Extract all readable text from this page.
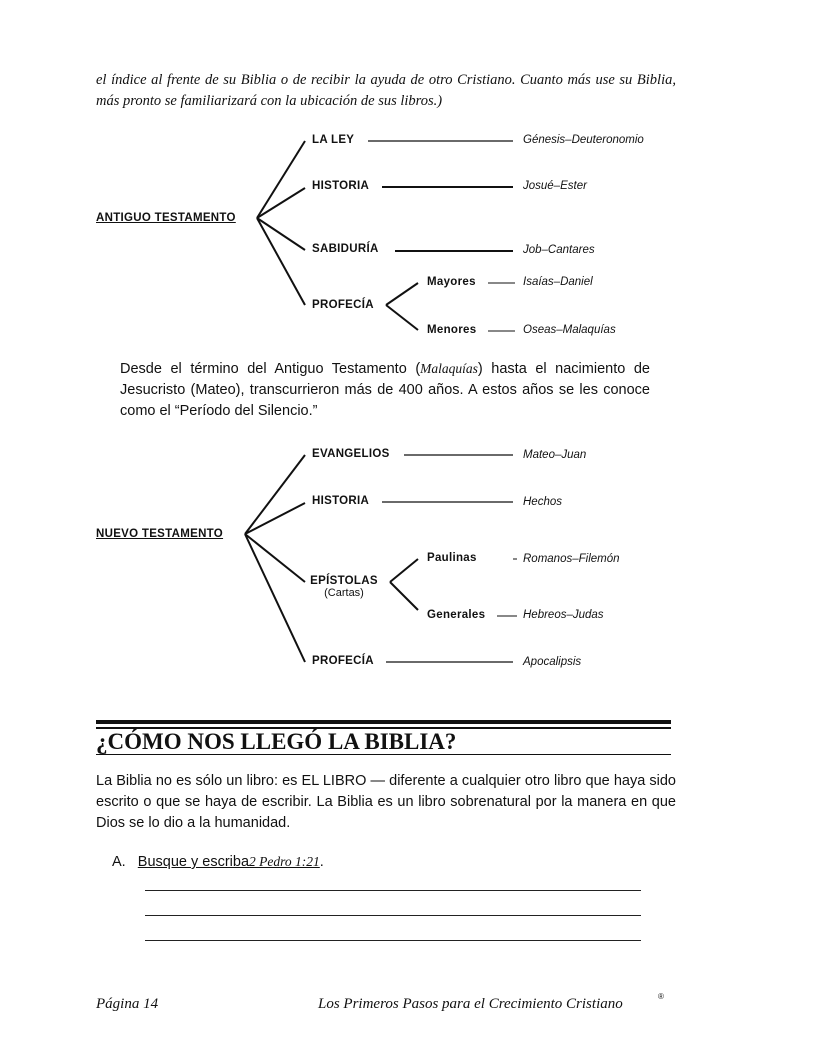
el índice al frente de su Biblia o de recibir la ayuda de otro Cristiano. Cuanto más use su Biblia, más pronto se familiarizará con la ubicación de sus libros.)
ANTIGUO TESTAMENTO
LA LEY	Génesis–Deuteronomio
HISTORIA	Josué–Ester
SABIDURÍA	Job–Cantares
PROFECÍA
Mayores	Isaías–Daniel
Menores	Oseas–Malaquías
Desde el término del Antiguo Testamento (Malaquías) hasta el nacimiento de Jesucristo (Mateo), transcurrieron más de 400 años. A estos años se les conoce como el “Período del Silencio.”
NUEVO TESTAMENTO
EVANGELIOS	Mateo–Juan
HISTORIA	Hechos
EPÍSTOLAS
(Cartas)
Paulinas	Romanos–Filemón
Generales	Hebreos–Judas
PROFECÍA	Apocalipsis
¿CÓMO NOS LLEGÓ LA BIBLIA?
La Biblia no es sólo un libro: es EL LIBRO — diferente a cualquier otro libro que haya sido escrito o que se haya de escribir. La Biblia es un libro sobrenatural por la manera en que Dios se lo dio a la humanidad.
A. Busque y escriba2 Pedro 1:21.
Página 14	Los Primeros Pasos para el Crecimiento Cristiano	®
